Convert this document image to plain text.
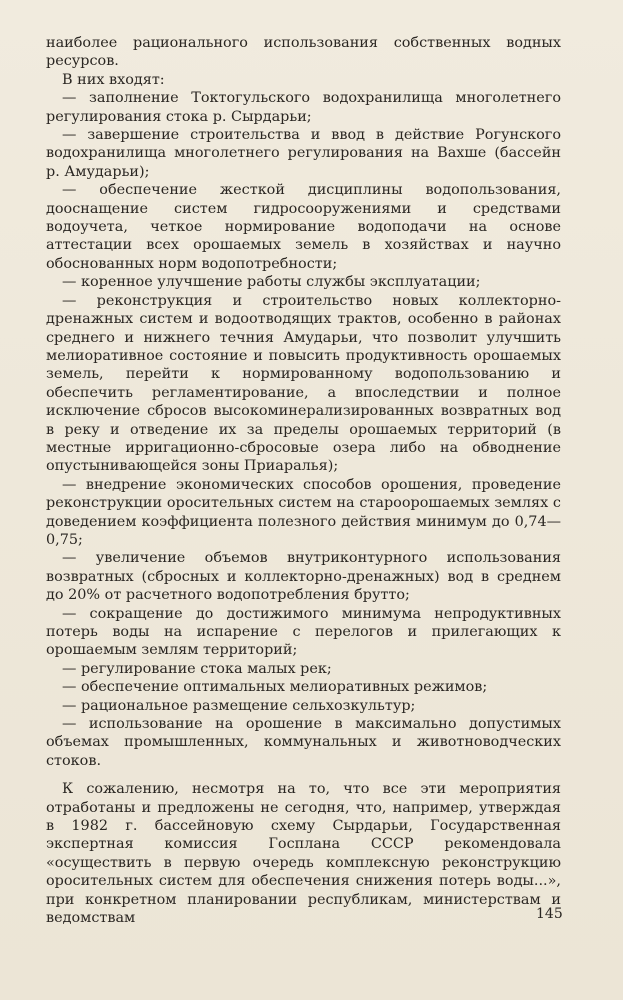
наиболее рационального использования собственных водных ресурсов.

В них входят:

— заполнение Токтогульского водохранилища многолетнего регулирования стока р. Сырдарьи;

— завершение строительства и ввод в действие Рогунского водохранилища многолетнего регулирования на Вахше (бассейн р. Амударьи);

— обеспечение жесткой дисциплины водопользования, дооснащение систем гидросооружениями и средствами водоучета, четкое нормирование водоподачи на основе аттестации всех орошаемых земель в хозяйствах и научно обоснованных норм водопотребности;

— коренное улучшение работы службы эксплуатации;

— реконструкция и строительство новых коллекторно-дренажных систем и водоотводящих трактов, особенно в районах среднего и нижнего течния Амударьи, что позволит улучшить мелиоративное состояние и повысить продуктивность орошаемых земель, перейти к нормированному водопользованию и обеспечить регламентирование, а впоследствии и полное исключение сбросов высокоминерализированных возвратных вод в реку и отведение их за пределы орошаемых территорий (в местные ирригационно-сбросовые озера либо на обводнение опустынивающейся зоны Приаралья);

— внедрение экономических способов орошения, проведение реконструкции оросительных систем на староорошаемых землях с доведением коэффициента полезного действия минимум до 0,74—0,75;

— увеличение объемов внутриконтурного использования возвратных (сбросных и коллекторно-дренажных) вод в среднем до 20% от расчетного водопотребления брутто;

— сокращение до достижимого минимума непродуктивных потерь воды на испарение с перелогов и прилегающих к орошаемым землям территорий;

— регулирование стока малых рек;

— обеспечение оптимальных мелиоративных режимов;

— рациональное размещение сельхозкультур;

— использование на орошение в максимально допустимых объемах промышленных, коммунальных и животноводческих стоков.

К сожалению, несмотря на то, что все эти мероприятия отработаны и предложены не сегодня, что, например, утверждая в 1982 г. бассейновую схему Сырдарьи, Государственная экспертная комиссия Госплана СССР рекомендовала «осуществить в первую очередь комплексную реконструкцию оросительных систем для обеспечения снижения потерь воды...», при конкретном планировании республикам, министерствам и ведомствам	145
